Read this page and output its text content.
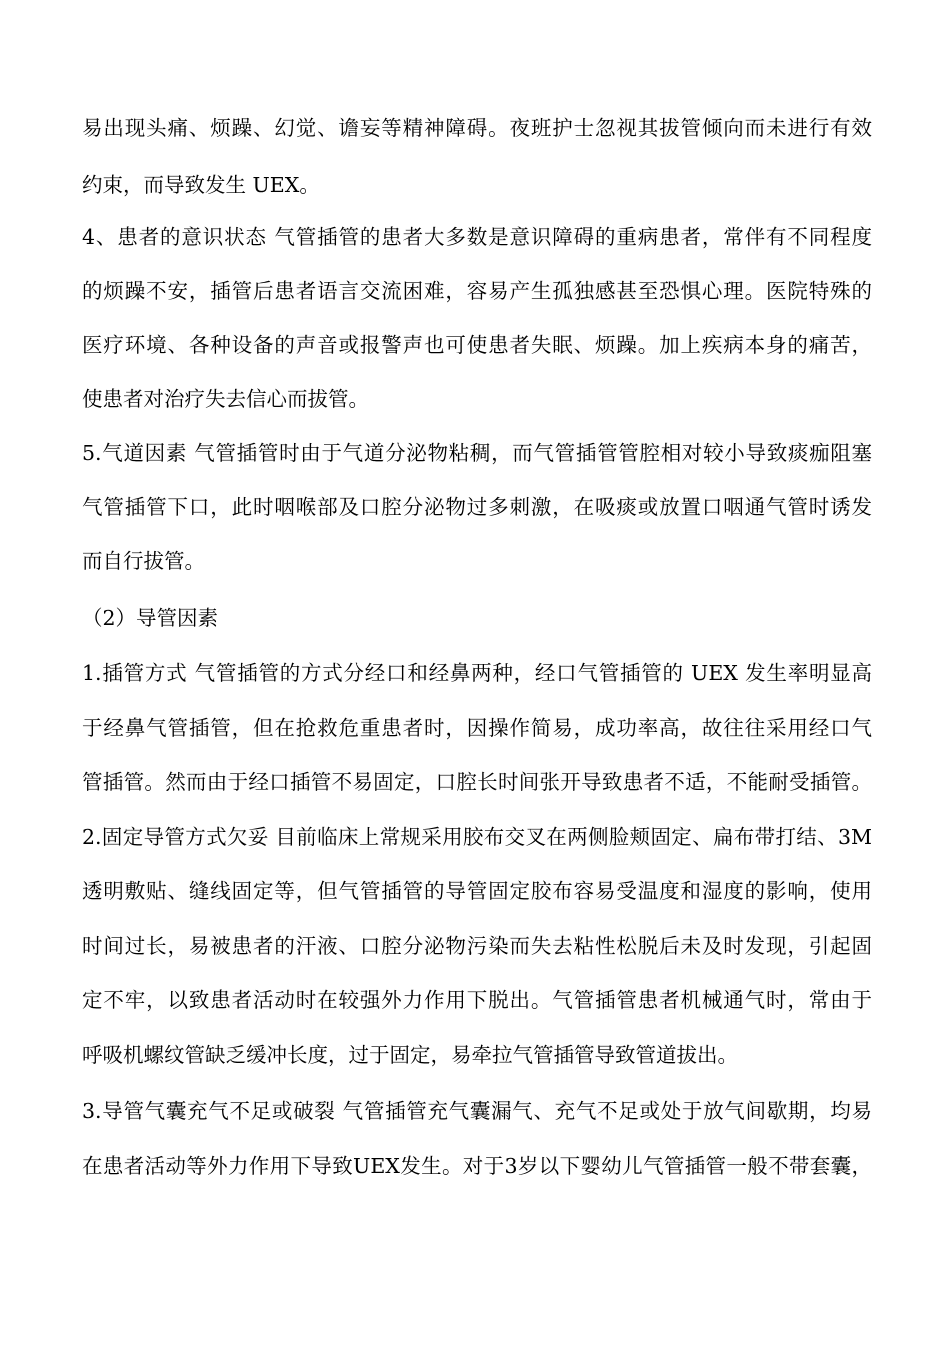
易出现头痛、烦躁、幻觉、谵妄等精神障碍。夜班护士忽视其拔管倾向而未进行有效
约束，而导致发生 UEX。
4、患者的意识状态 气管插管的患者大多数是意识障碍的重病患者，常伴有不同程度
的烦躁不安，插管后患者语言交流困难，容易产生孤独感甚至恐惧心理。医院特殊的
医疗环境、各种设备的声音或报警声也可使患者失眠、烦躁。加上疾病本身的痛苦，
使患者对治疗失去信心而拔管。
5.气道因素 气管插管时由于气道分泌物粘稠，而气管插管管腔相对较小导致痰痂阻塞
气管插管下口，此时咽喉部及口腔分泌物过多刺激，在吸痰或放置口咽通气管时诱发
而自行拔管。
（2）导管因素
1.插管方式 气管插管的方式分经口和经鼻两种，经口气管插管的 UEX 发生率明显高
于经鼻气管插管，但在抢救危重患者时，因操作简易，成功率高，故往往采用经口气
管插管。然而由于经口插管不易固定，口腔长时间张开导致患者不适，不能耐受插管。
2.固定导管方式欠妥 目前临床上常规采用胶布交叉在两侧脸颊固定、扁布带打结、3M
透明敷贴、缝线固定等，但气管插管的导管固定胶布容易受温度和湿度的影响，使用
时间过长，易被患者的汗液、口腔分泌物污染而失去粘性松脱后未及时发现，引起固
定不牢，以致患者活动时在较强外力作用下脱出。气管插管患者机械通气时，常由于
呼吸机螺纹管缺乏缓冲长度，过于固定，易牵拉气管插管导致管道拔出。
3.导管气囊充气不足或破裂 气管插管充气囊漏气、充气不足或处于放气间歇期，均易
在患者活动等外力作用下导致UEX发生。对于3岁以下婴幼儿气管插管一般不带套囊，
